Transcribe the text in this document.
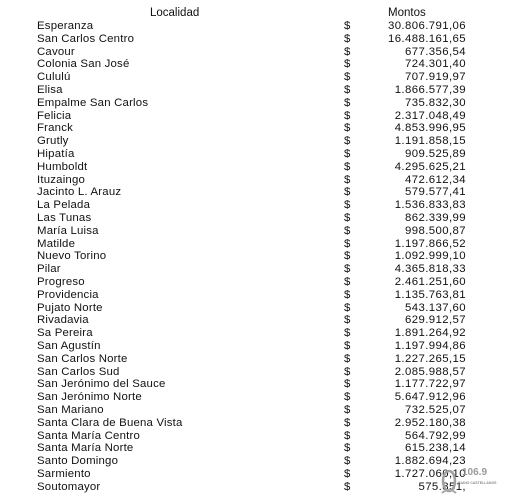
Localidad	Montos
Esperanza	$	30.806.791,06
San Carlos Centro	$	16.488.161,65
Cavour	$	677.356,54
Colonia San José	$	724.301,40
Cululú	$	707.919,97
Elisa	$	1.866.577,39
Empalme San Carlos	$	735.832,30
Felicia	$	2.317.048,49
Franck	$	4.853.996,95
Grutly	$	1.191.858,15
Hipatía	$	909.525,89
Humboldt	$	4.295.625,21
Ituzaingo	$	472.612,34
Jacinto L. Arauz	$	579.577,41
La Pelada	$	1.536.833,83
Las Tunas	$	862.339,99
María Luisa	$	998.500,87
Matilde	$	1.197.866,52
Nuevo Torino	$	1.092.999,10
Pilar	$	4.365.818,33
Progreso	$	2.461.251,60
Providencia	$	1.135.763,81
Pujato Norte	$	543.137,60
Rivadavia	$	629.912,57
Sa Pereira	$	1.891.264,92
San Agustín	$	1.197.994,86
San Carlos Norte	$	1.227.265,15
San Carlos Sud	$	2.085.988,57
San Jerónimo del Sauce	$	1.177.722,97
San Jerónimo Norte	$	5.647.912,96
San Mariano	$	732.525,07
Santa Clara de Buena Vista	$	2.952.180,38
Santa María Centro	$	564.792,99
Santa María Norte	$	615.238,14
Santo Domingo	$	1.882.694,23
Sarmiento	$	1.727.060,10
Soutomayor	$	575.851,
106.9
RADIO CASTELLANOS
